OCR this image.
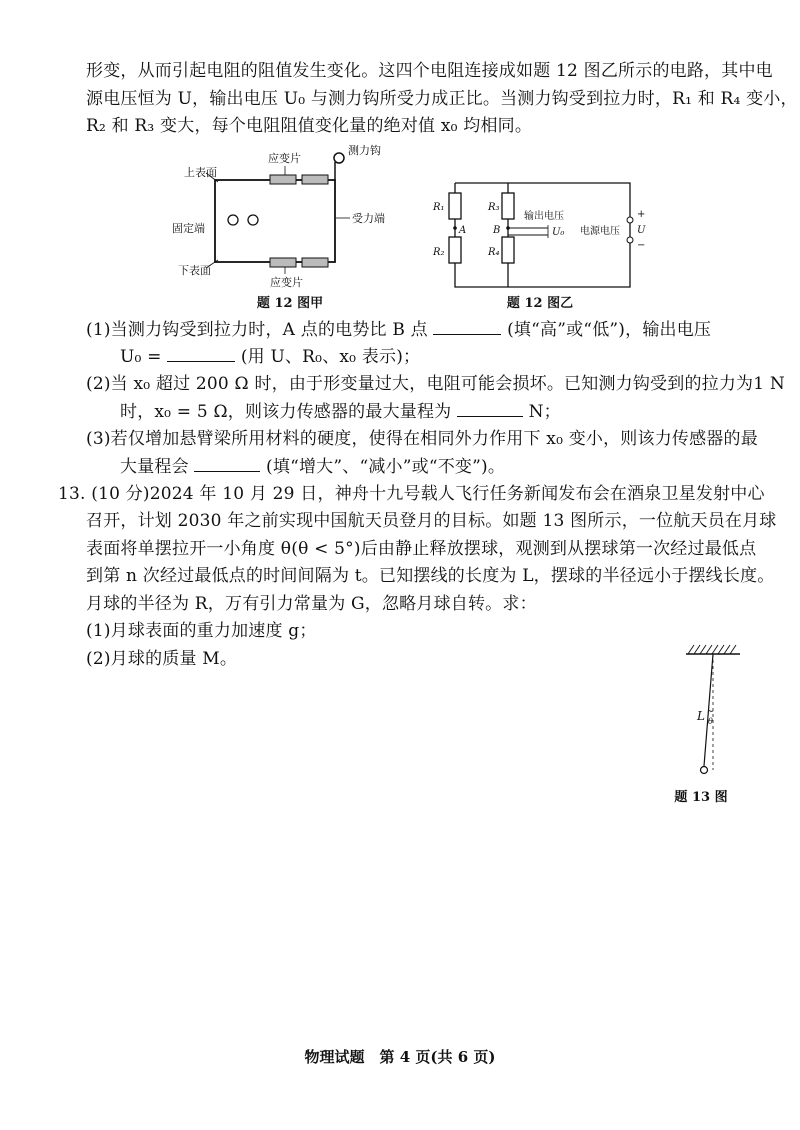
形变，从而引起电阻的阻值发生变化。这四个电阻连接成如题 12 图乙所示的电路，其中电
源电压恒为 U，输出电压 U₀ 与测力钩所受力成正比。当测力钩受到拉力时，R₁ 和 R₄ 变小，
R₂ 和 R₃ 变大，每个电阻阻值变化量的绝对值 x₀ 均相同。
上表面
应变片
测力钩
固定端
受力端
下表面
应变片
题 12 图甲
R₁
R₂
R₃
R₄
A	B
输出电压
U₀ 电源电压
+
U
−
题 12 图乙
(1)当测力钩受到拉力时，A 点的电势比 B 点	(填“高”或“低”)，输出电压
U₀ =	(用 U、R₀、x₀ 表示)；
(2)当 x₀ 超过 200 Ω 时，由于形变量过大，电阻可能会损坏。已知测力钩受到的拉力为1 N
时，x₀ = 5 Ω，则该力传感器的最大量程为	N；
(3)若仅增加悬臂梁所用材料的硬度，使得在相同外力作用下 x₀ 变小，则该力传感器的最
大量程会	(填“增大”、“减小”或“不变”)。
13. (10 分)2024 年 10 月 29 日，神舟十九号载人飞行任务新闻发布会在酒泉卫星发射中心
召开，计划 2030 年之前实现中国航天员登月的目标。如题 13 图所示，一位航天员在月球
表面将单摆拉开一小角度 θ(θ < 5°)后由静止释放摆球，观测到从摆球第一次经过最低点
到第 n 次经过最低点的时间间隔为 t。已知摆线的长度为 L，摆球的半径远小于摆线长度。
月球的半径为 R，万有引力常量为 G，忽略月球自转。求：
(1)月球表面的重力加速度 g；
(2)月球的质量 M。
L θ
题 13 图
物理试题　第 4 页(共 6 页)
